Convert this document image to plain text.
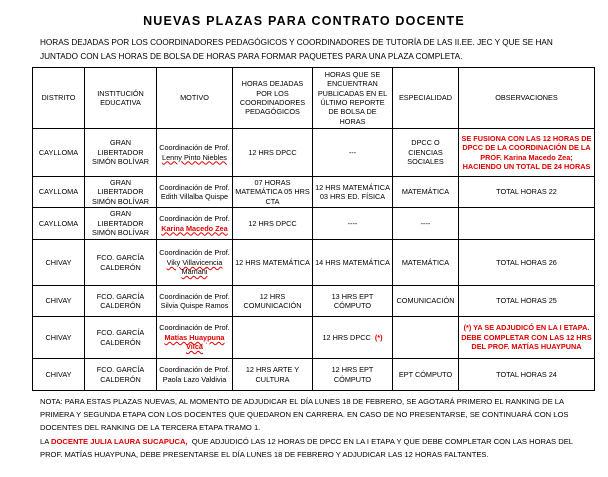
NUEVAS PLAZAS PARA CONTRATO DOCENTE
HORAS DEJADAS POR LOS COORDINADORES PEDAGÓGICOS Y COORDINADORES DE TUTORÍA DE LAS II.EE. JEC Y QUE SE HAN JUNTADO CON LAS HORAS DE BOLSA DE HORAS PARA FORMAR PAQUETES PARA UNA PLAZA COMPLETA.
DISTRITO	INSTITUCIÓN EDUCATIVA	MOTIVO	HORAS DEJADAS POR LOS COORDINADORES PEDAGÓGICOS	HORAS QUE SE ENCUENTRAN PUBLICADAS EN EL ÚLTIMO REPORTE DE BOLSA DE HORAS	ESPECIALIDAD	OBSERVACIONES
CAYLLOMA	GRAN LIBERTADOR SIMÓN BOLÍVAR	Coordinación de Prof. Lenny Pinto Niebles	12 HRS DPCC	---	DPCC O CIENCIAS SOCIALES	SE FUSIONA CON LAS 12 HORAS DE DPCC DE LA COORDINACIÓN DE LA PROF. Karina Macedo Zea; HACIENDO UN TOTAL DE 24 HORAS
CAYLLOMA	GRAN LIBERTADOR SIMÓN BOLÍVAR	Coordinación de Prof. Edith Villalba Quispe	07 HORAS MATEMÁTICA 05 HRS CTA	12 HRS MATEMÁTICA 03 HRS ED. FÍSICA	MATEMÁTICA	TOTAL HORAS 22
CAYLLOMA	GRAN LIBERTADOR SIMÓN BOLÍVAR	Coordinación de Prof. Karina Macedo Zea	12 HRS DPCC	----	----	
CHIVAY	FCO. GARCÍA CALDERÓN	Coordinación de Prof. Viky Villavicencia Mamani	12 HRS MATEMÁTICA	14 HRS MATEMÁTICA	MATEMÁTICA	TOTAL HORAS 26
CHIVAY	FCO. GARCÍA CALDERÓN	Coordinación de Prof. Silvia Quispe Ramos	12 HRS COMUNICACIÓN	13 HRS EPT CÓMPUTO	COMUNICACIÓN	TOTAL HORAS 25
CHIVAY	FCO. GARCÍA CALDERÓN	Coordinación de Prof. Matías Huaypuna Vilca		12 HRS DPCC (*)		(*) YA SE ADJUDICÓ EN LA I ETAPA. DEBE COMPLETAR CON LAS 12 HRS DEL PROF. MATÍAS HUAYPUNA
CHIVAY	FCO. GARCÍA CALDERÓN	Coordinación de Prof. Paola Lazo Valdivia	12 HRS ARTE Y CULTURA	12 HRS EPT CÓMPUTO	EPT CÓMPUTO	TOTAL HORAS 24
NOTA: PARA ESTAS PLAZAS NUEVAS, AL MOMENTO DE ADJUDICAR EL DÍA LUNES 18 DE FEBRERO, SE AGOTARÁ PRIMERO EL RANKING DE LA PRIMERA Y SEGUNDA ETAPA CON LOS DOCENTES QUE QUEDARON EN CARRERA. EN CASO DE NO PRESENTARSE, SE CONTINUARÁ CON LOS DOCENTES DEL RANKING DE LA TERCERA ETAPA TRAMO 1.
LA DOCENTE JULIA LAURA SUCAPUCA, QUE ADJUDICÓ LAS 12 HORAS DE DPCC EN LA I ETAPA Y QUE DEBE COMPLETAR CON LAS HORAS DEL PROF. MATÍAS HUAYPUNA, DEBE PRESENTARSE EL DÍA LUNES 18 DE FEBRERO Y ADJUDICAR LAS 12 HORAS FALTANTES.
